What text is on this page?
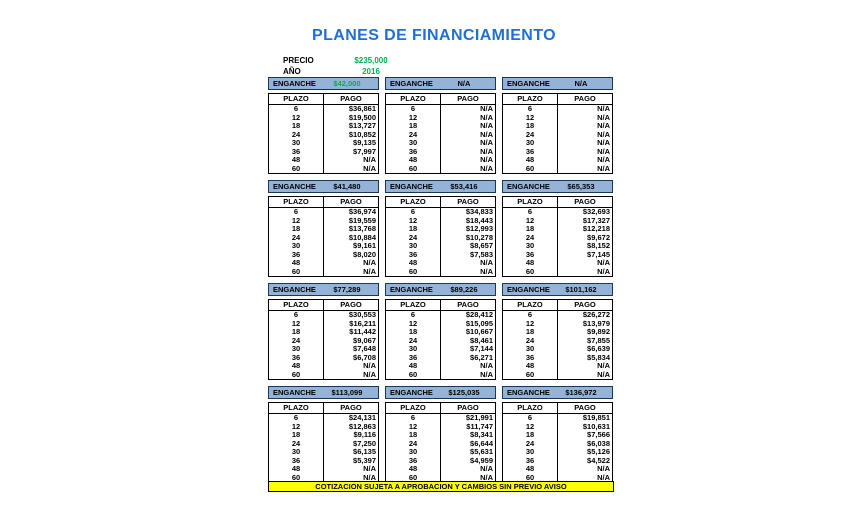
PLANES DE FINANCIAMIENTO
PRECIO	$235,000
AÑO	2016
ENGANCHE	$42,000
PLAZO	PAGO
6	$36,861
12	$19,500
18	$13,727
24	$10,852
30	$9,135
36	$7,997
48	N/A
60	N/A
ENGANCHE	N/A
PLAZO	PAGO
6	N/A
12	N/A
18	N/A
24	N/A
30	N/A
36	N/A
48	N/A
60	N/A
ENGANCHE	N/A
PLAZO	PAGO
6	N/A
12	N/A
18	N/A
24	N/A
30	N/A
36	N/A
48	N/A
60	N/A
ENGANCHE	$41,480
PLAZO	PAGO
6	$36,974
12	$19,559
18	$13,768
24	$10,884
30	$9,161
36	$8,020
48	N/A
60	N/A
ENGANCHE	$53,416
PLAZO	PAGO
6	$34,833
12	$18,443
18	$12,993
24	$10,278
30	$8,657
36	$7,583
48	N/A
60	N/A
ENGANCHE	$65,353
PLAZO	PAGO
6	$32,693
12	$17,327
18	$12,218
24	$9,672
30	$8,152
36	$7,145
48	N/A
60	N/A
ENGANCHE	$77,289
PLAZO	PAGO
6	$30,553
12	$16,211
18	$11,442
24	$9,067
30	$7,648
36	$6,708
48	N/A
60	N/A
ENGANCHE	$89,226
PLAZO	PAGO
6	$28,412
12	$15,095
18	$10,667
24	$8,461
30	$7,144
36	$6,271
48	N/A
60	N/A
ENGANCHE	$101,162
PLAZO	PAGO
6	$26,272
12	$13,979
18	$9,892
24	$7,855
30	$6,639
36	$5,834
48	N/A
60	N/A
ENGANCHE	$113,099
PLAZO	PAGO
6	$24,131
12	$12,863
18	$9,116
24	$7,250
30	$6,135
36	$5,397
48	N/A
60	N/A
ENGANCHE	$125,035
PLAZO	PAGO
6	$21,991
12	$11,747
18	$8,341
24	$6,644
30	$5,631
36	$4,959
48	N/A
60	N/A
ENGANCHE	$136,972
PLAZO	PAGO
6	$19,851
12	$10,631
18	$7,566
24	$6,038
30	$5,126
36	$4,522
48	N/A
60	N/A
COTIZACION SUJETA A APROBACION Y CAMBIOS SIN PREVIO AVISO
